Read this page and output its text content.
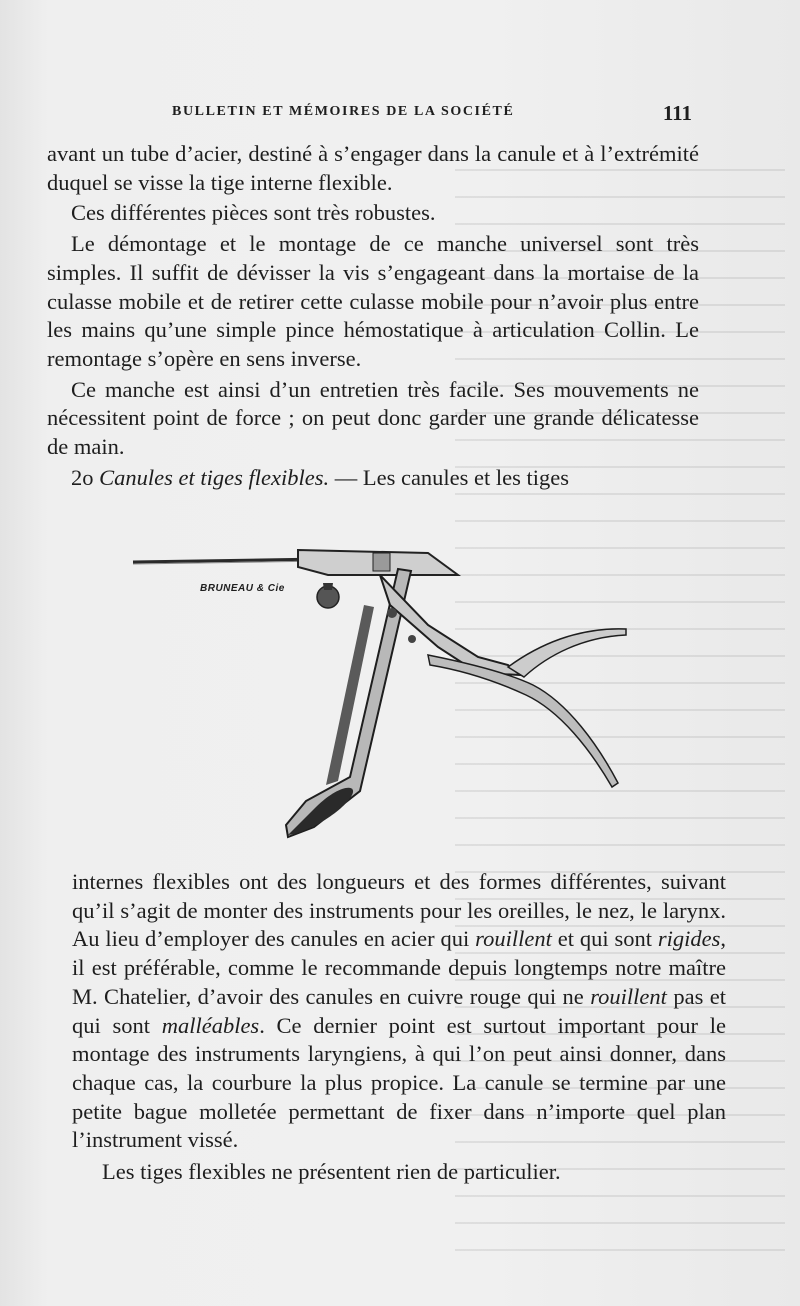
BULLETIN ET MÉMOIRES DE LA SOCIÉTÉ	111

avant un tube d’acier, destiné à s’engager dans la canule et à l’extrémité duquel se visse la tige interne flexible.

Ces différentes pièces sont très robustes.

Le démontage et le montage de ce manche universel sont très simples. Il suffit de dévisser la vis s’engageant dans la mortaise de la culasse mobile et de retirer cette culasse mobile pour n’avoir plus entre les mains qu’une simple pince hémostatique à articulation Collin. Le remontage s’opère en sens inverse.

Ce manche est ainsi d’un entretien très facile. Ses mouvements ne nécessitent point de force ; on peut donc garder une grande délicatesse de main.

2o Canules et tiges flexibles. — Les canules et les tiges

BRUNEAU & Cie

internes flexibles ont des longueurs et des formes différentes, suivant qu’il s’agit de monter des instruments pour les oreilles, le nez, le larynx. Au lieu d’employer des canules en acier qui rouillent et qui sont rigides, il est préférable, comme le recommande depuis longtemps notre maître M. Chatelier, d’avoir des canules en cuivre rouge qui ne rouillent pas et qui sont malléables. Ce dernier point est surtout important pour le montage des instruments laryngiens, à qui l’on peut ainsi donner, dans chaque cas, la courbure la plus propice. La canule se termine par une petite bague molletée permettant de fixer dans n’importe quel plan l’instrument vissé.

Les tiges flexibles ne présentent rien de particulier.
